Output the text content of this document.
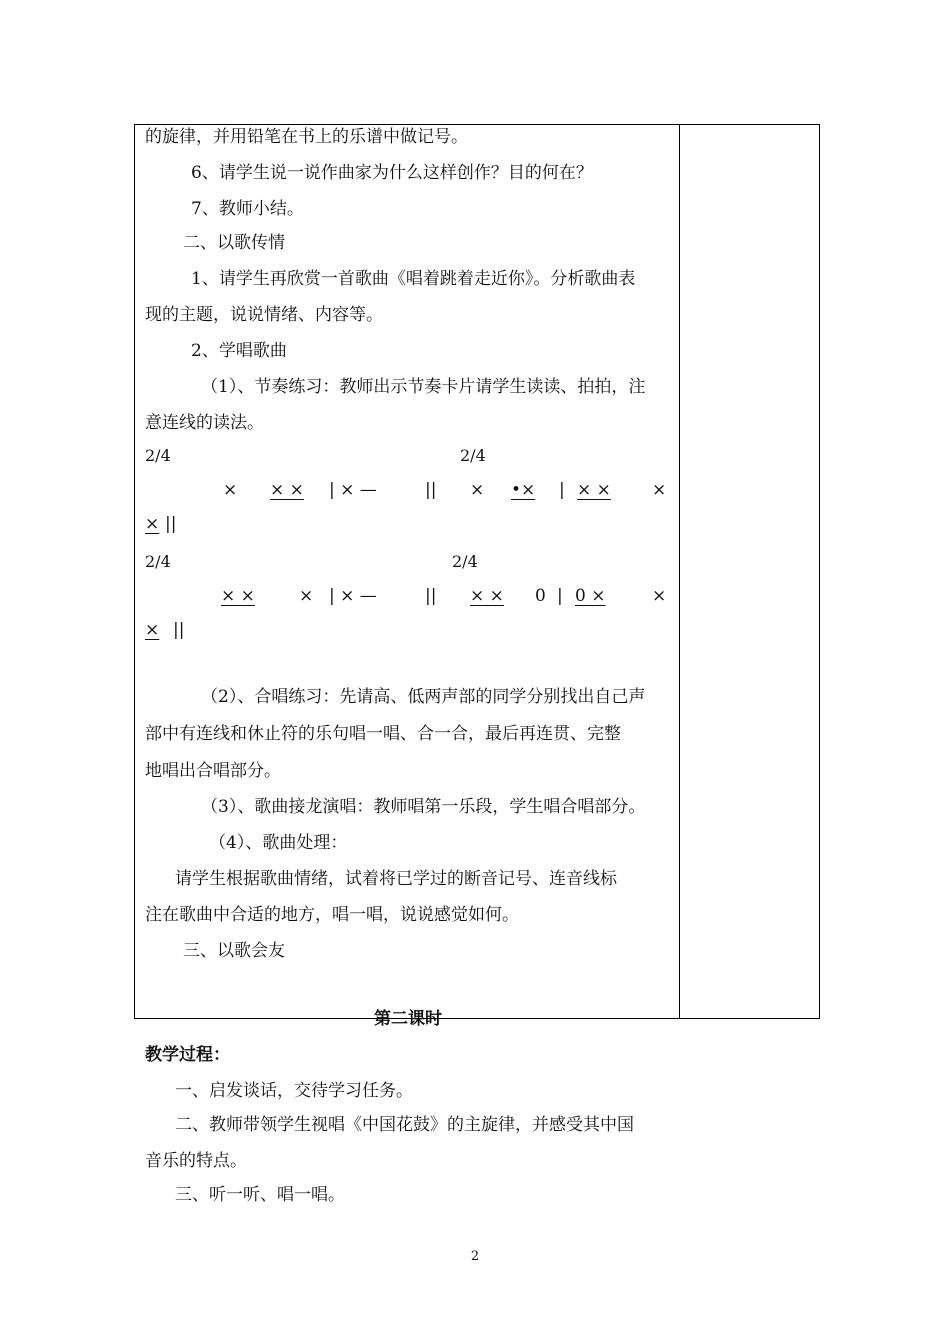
的旋律，并用铅笔在书上的乐谱中做记号。
6、请学生说一说作曲家为什么这样创作？目的何在？
7、教师小结。
二、以歌传情
1、请学生再欣赏一首歌曲《唱着跳着走近你》。分析歌曲表
现的主题，说说情绪、内容等。
2、学唱歌曲
（1）、节奏练习：教师出示节奏卡片请学生读读、拍拍，注
意连线的读法。
2/4	2/4
× × × | × —	|| × •× | × × ×
× ||
2/4	2/4
× ×	× | × —	|| × × 0 | 0 ×	×
× ||
（2）、合唱练习：先请高、低两声部的同学分别找出自己声
部中有连线和休止符的乐句唱一唱、合一合，最后再连贯、完整
地唱出合唱部分。
（3）、歌曲接龙演唱：教师唱第一乐段，学生唱合唱部分。
（4）、歌曲处理：
请学生根据歌曲情绪，试着将已学过的断音记号、连音线标
注在歌曲中合适的地方，唱一唱，说说感觉如何。
三、以歌会友
第二课时
教学过程：
一、启发谈话，交待学习任务。
二、教师带领学生视唱《中国花鼓》的主旋律，并感受其中国
音乐的特点。
三、听一听、唱一唱。
2
